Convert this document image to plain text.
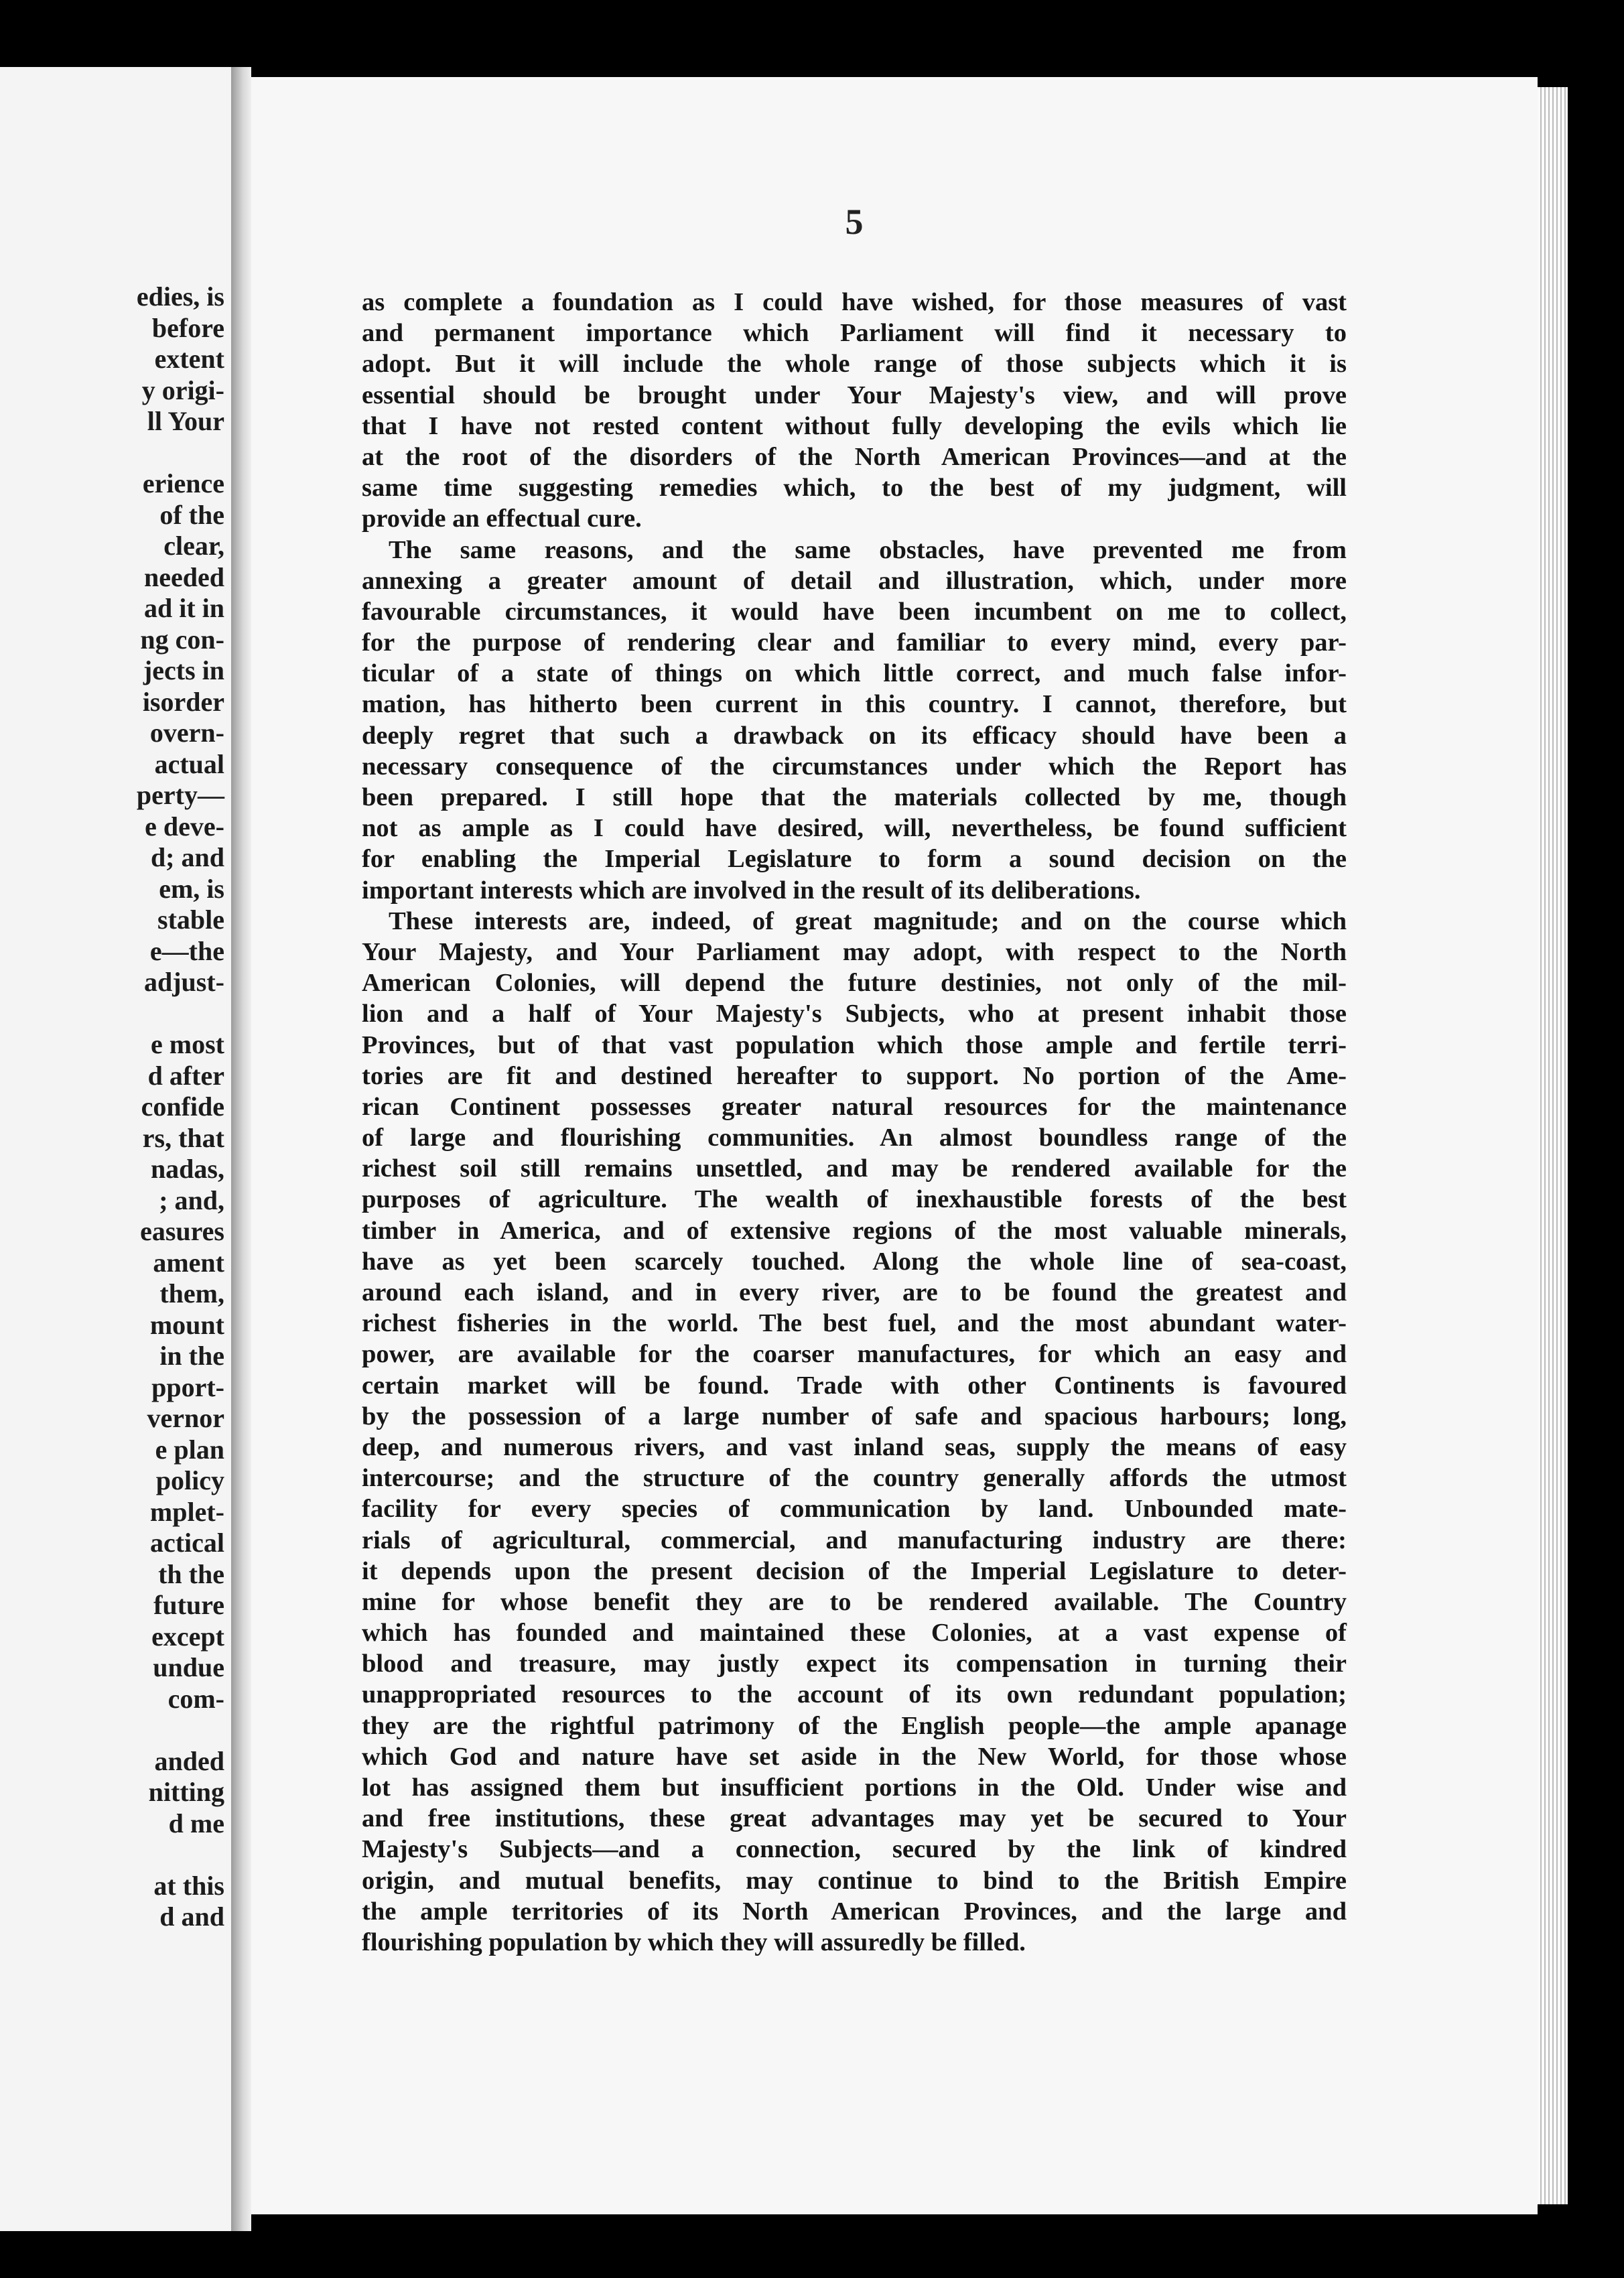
edies, is
before
extent
y origi-
ll Your
erience
of the
clear,
needed
ad it in
ng con-
jects in
isorder
overn-
actual
perty—
e deve-
d; and
em, is
stable
e—the
adjust-
e most
d after
confide
rs, that
nadas,
; and,
easures
ament
them,
mount
in the
pport-
vernor
e plan
policy
mplet-
actical
th the
future
except
undue
com-
anded
nitting
d me
at this
d and
5
as complete a foundation as I could have wished, for those measures of vast
and permanent importance which Parliament will find it necessary to
adopt. But it will include the whole range of those subjects which it is
essential should be brought under Your Majesty's view, and will prove
that I have not rested content without fully developing the evils which lie
at the root of the disorders of the North American Provinces—and at the
same time suggesting remedies which, to the best of my judgment, will
provide an effectual cure.
The same reasons, and the same obstacles, have prevented me from
annexing a greater amount of detail and illustration, which, under more
favourable circumstances, it would have been incumbent on me to collect,
for the purpose of rendering clear and familiar to every mind, every par-
ticular of a state of things on which little correct, and much false infor-
mation, has hitherto been current in this country. I cannot, therefore, but
deeply regret that such a drawback on its efficacy should have been a
necessary consequence of the circumstances under which the Report has
been prepared. I still hope that the materials collected by me, though
not as ample as I could have desired, will, nevertheless, be found sufficient
for enabling the Imperial Legislature to form a sound decision on the
important interests which are involved in the result of its deliberations.
These interests are, indeed, of great magnitude; and on the course which
Your Majesty, and Your Parliament may adopt, with respect to the North
American Colonies, will depend the future destinies, not only of the mil-
lion and a half of Your Majesty's Subjects, who at present inhabit those
Provinces, but of that vast population which those ample and fertile terri-
tories are fit and destined hereafter to support. No portion of the Ame-
rican Continent possesses greater natural resources for the maintenance
of large and flourishing communities. An almost boundless range of the
richest soil still remains unsettled, and may be rendered available for the
purposes of agriculture. The wealth of inexhaustible forests of the best
timber in America, and of extensive regions of the most valuable minerals,
have as yet been scarcely touched. Along the whole line of sea-coast,
around each island, and in every river, are to be found the greatest and
richest fisheries in the world. The best fuel, and the most abundant water-
power, are available for the coarser manufactures, for which an easy and
certain market will be found. Trade with other Continents is favoured
by the possession of a large number of safe and spacious harbours; long,
deep, and numerous rivers, and vast inland seas, supply the means of easy
intercourse; and the structure of the country generally affords the utmost
facility for every species of communication by land. Unbounded mate-
rials of agricultural, commercial, and manufacturing industry are there:
it depends upon the present decision of the Imperial Legislature to deter-
mine for whose benefit they are to be rendered available. The Country
which has founded and maintained these Colonies, at a vast expense of
blood and treasure, may justly expect its compensation in turning their
unappropriated resources to the account of its own redundant population;
they are the rightful patrimony of the English people—the ample apanage
which God and nature have set aside in the New World, for those whose
lot has assigned them but insufficient portions in the Old. Under wise and
and free institutions, these great advantages may yet be secured to Your
Majesty's Subjects—and a connection, secured by the link of kindred
origin, and mutual benefits, may continue to bind to the British Empire
the ample territories of its North American Provinces, and the large and
flourishing population by which they will assuredly be filled.
